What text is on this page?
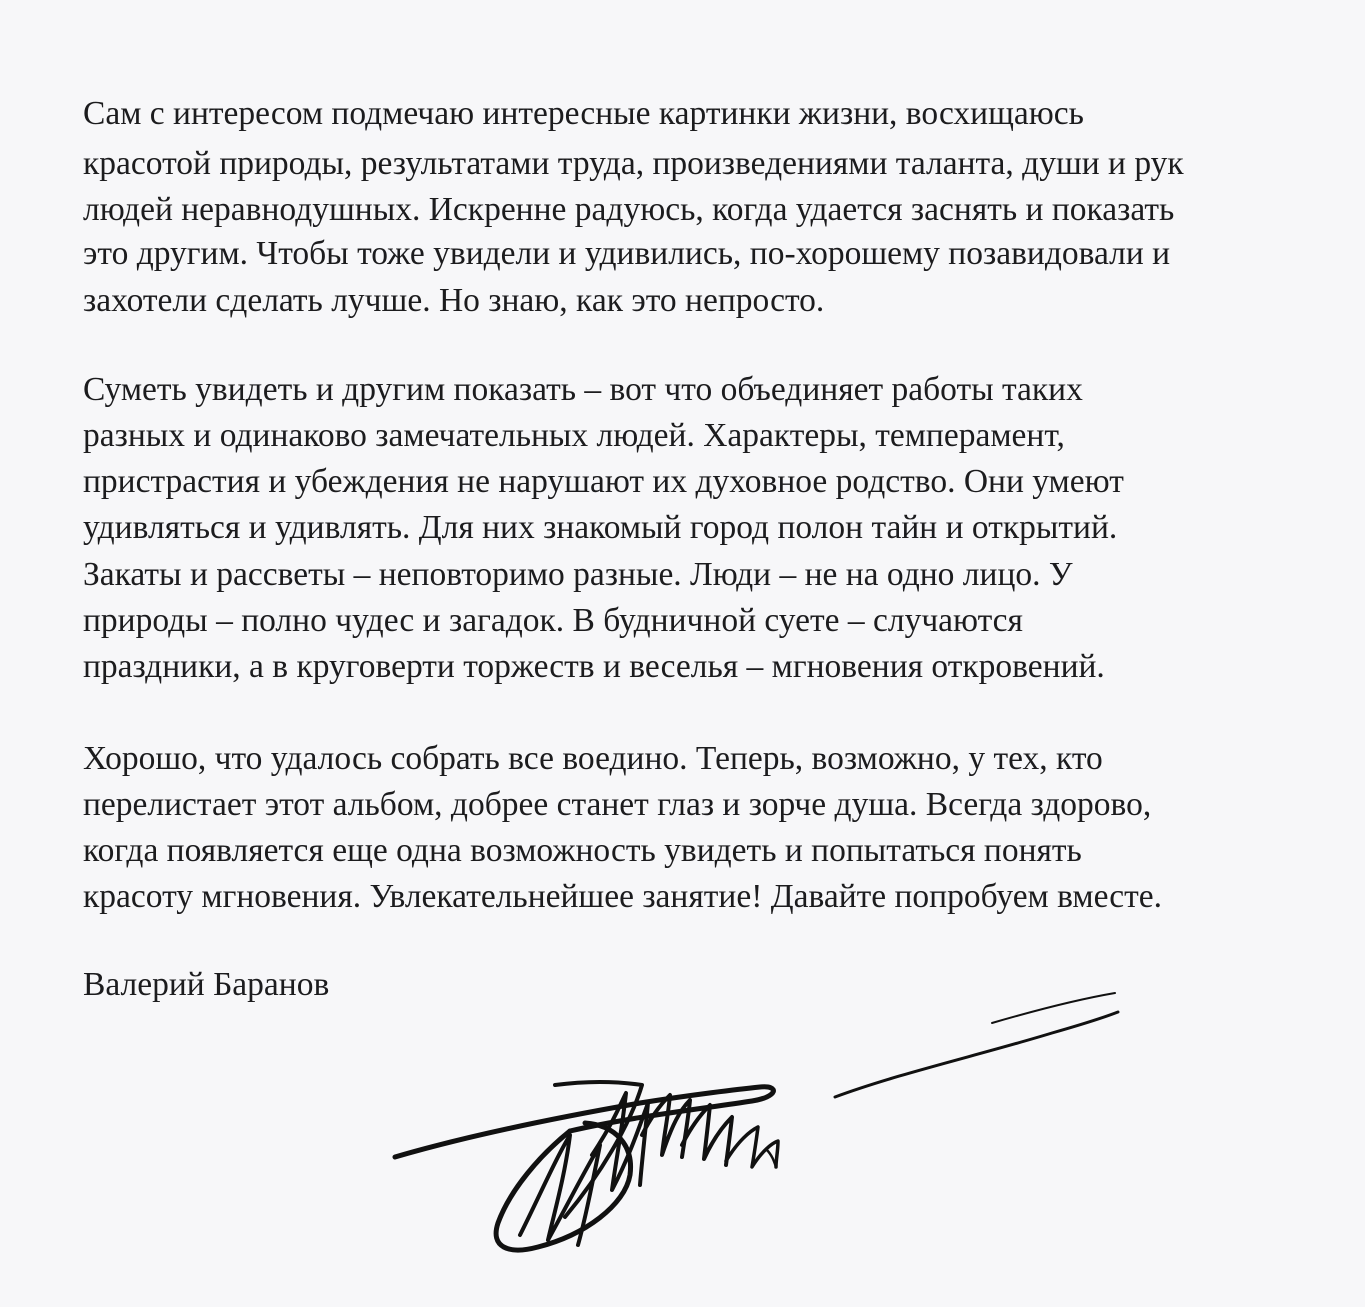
Сам с интересом подмечаю интересные картинки жизни, восхищаюсь

красотой природы, результатами труда, произведениями таланта, души и рук

людей неравнодушных. Искренне радуюсь, когда удается заснять и показать

это другим. Чтобы тоже увидели и удивились, по-хорошему позавидовали и

захотели сделать лучше. Но знаю, как это непросто.

Суметь увидеть и другим показать – вот что объединяет работы таких

разных и одинаково замечательных людей. Характеры, темперамент,

пристрастия и убеждения не нарушают их духовное родство. Они умеют

удивляться и удивлять. Для них знакомый город полон тайн и открытий.

Закаты и рассветы – неповторимо разные. Люди – не на одно лицо. У

природы – полно чудес и загадок. В будничной суете – случаются

праздники, а в круговерти торжеств и веселья – мгновения откровений.

Хорошо, что удалось собрать все воедино. Теперь, возможно, у тех, кто

перелистает этот альбом, добрее станет глаз и зорче душа. Всегда здорово,

когда появляется еще одна возможность увидеть и попытаться понять

красоту мгновения. Увлекательнейшее занятие! Давайте попробуем вместе.

Валерий Баранов
